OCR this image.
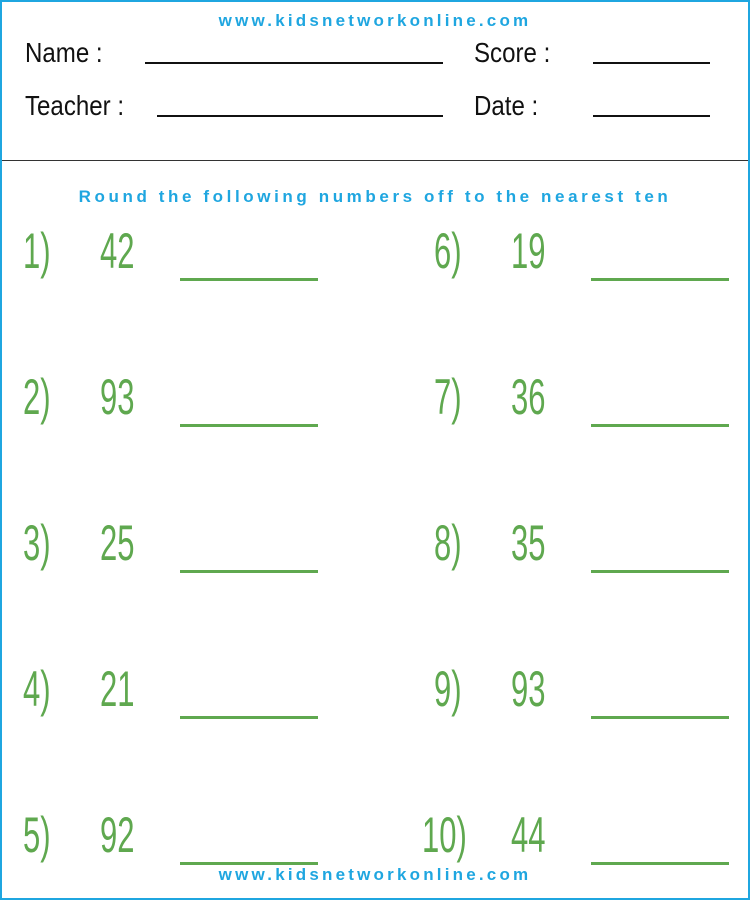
www.kidsnetworkonline.com
Name :	Score :
Teacher :	Date :
Round the following numbers off to the nearest ten
1) 42
2) 93
3) 25
4) 21
5) 92
6) 19
7) 36
8) 35
9) 93
10) 44
www.kidsnetworkonline.com
